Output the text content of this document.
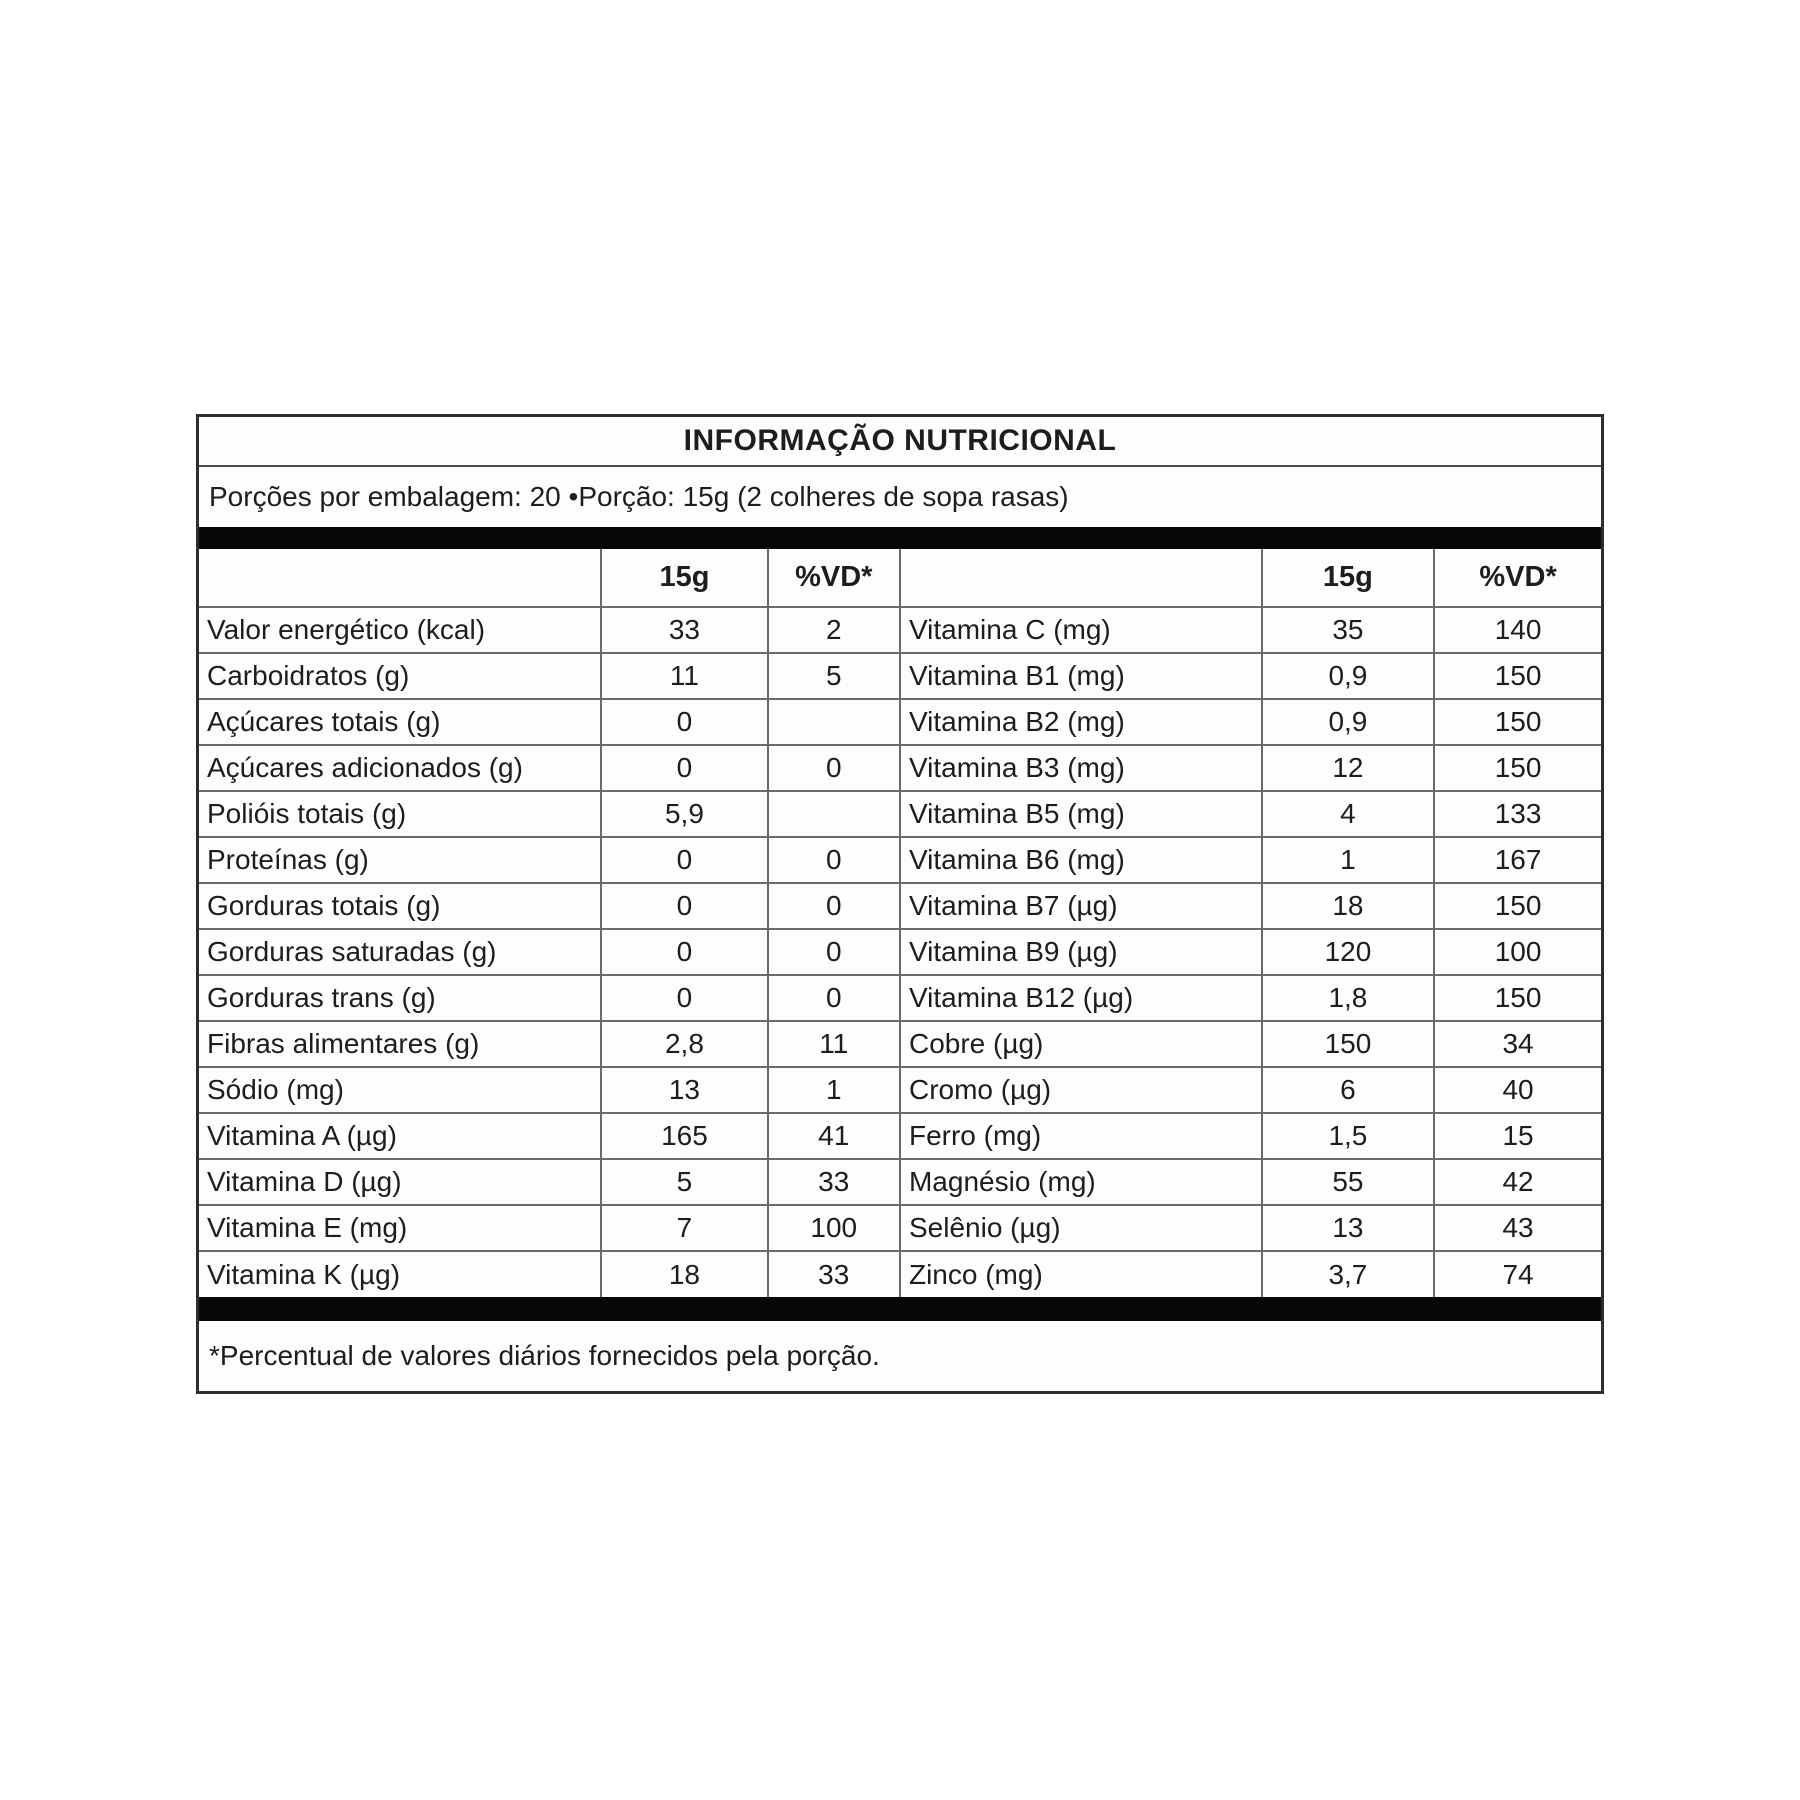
INFORMAÇÃO NUTRICIONAL
Porções por embalagem: 20 •Porção: 15g (2 colheres de sopa rasas)
	15g	%VD*		15g	%VD*
Valor energético (kcal)	33	2	Vitamina C (mg)	35	140
Carboidratos (g)	11	5	Vitamina B1 (mg)	0,9	150
Açúcares totais (g)	0		Vitamina B2 (mg)	0,9	150
Açúcares adicionados (g)	0	0	Vitamina B3 (mg)	12	150
Polióis totais (g)	5,9		Vitamina B5 (mg)	4	133
Proteínas (g)	0	0	Vitamina B6 (mg)	1	167
Gorduras totais (g)	0	0	Vitamina B7 (µg)	18	150
Gorduras saturadas (g)	0	0	Vitamina B9 (µg)	120	100
Gorduras trans (g)	0	0	Vitamina B12 (µg)	1,8	150
Fibras alimentares (g)	2,8	11	Cobre (µg)	150	34
Sódio (mg)	13	1	Cromo (µg)	6	40
Vitamina A (µg)	165	41	Ferro (mg)	1,5	15
Vitamina D (µg)	5	33	Magnésio (mg)	55	42
Vitamina E (mg)	7	100	Selênio (µg)	13	43
Vitamina K (µg)	18	33	Zinco (mg)	3,7	74
*Percentual de valores diários fornecidos pela porção.
